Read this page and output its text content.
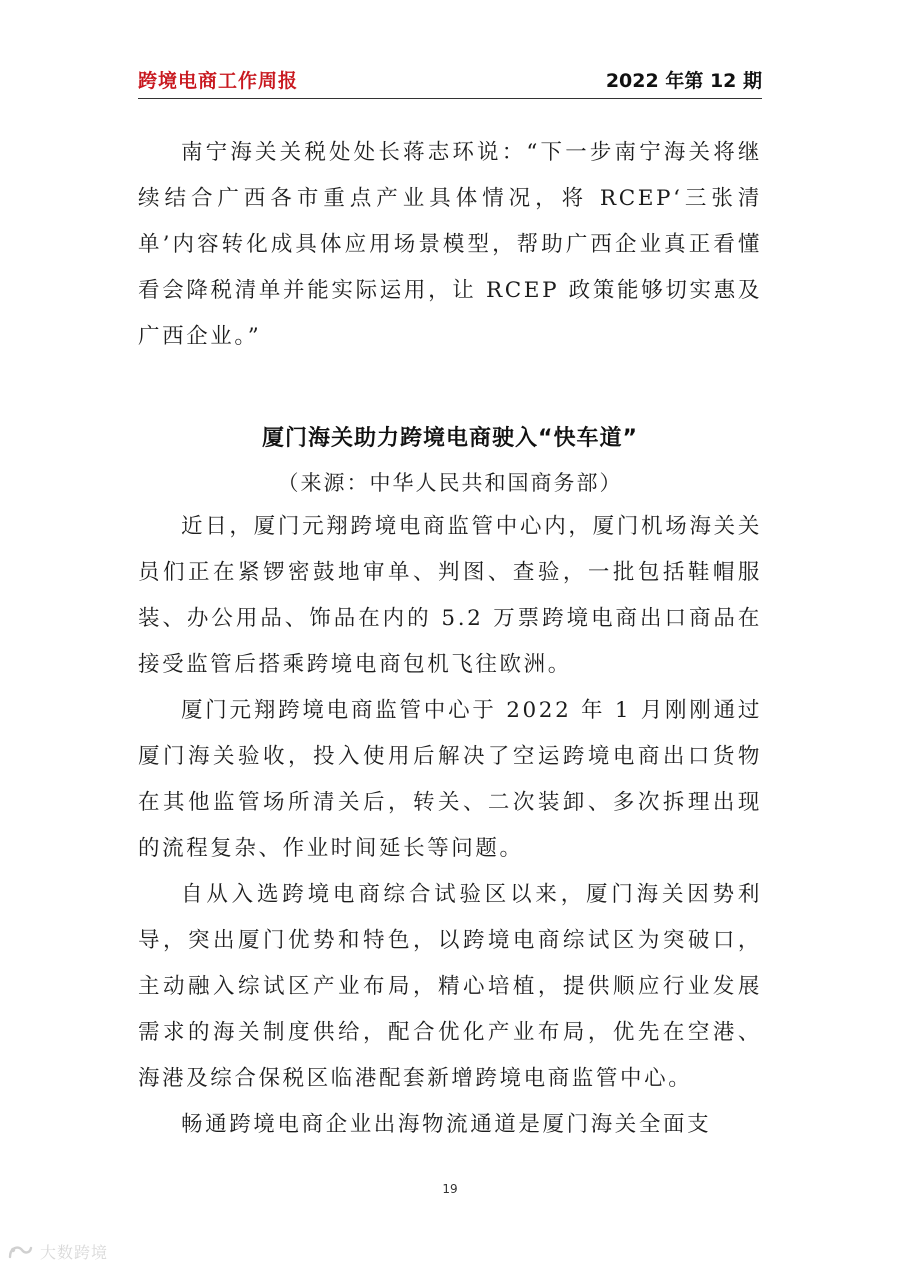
跨境电商工作周报	2022 年第 12 期

南宁海关关税处处长蒋志环说：“下一步南宁海关将继续结合广西各市重点产业具体情况，将 RCEP‘三张清单’内容转化成具体应用场景模型，帮助广西企业真正看懂看会降税清单并能实际运用，让 RCEP 政策能够切实惠及广西企业。”

厦门海关助力跨境电商驶入“快车道”
（来源：中华人民共和国商务部）

近日，厦门元翔跨境电商监管中心内，厦门机场海关关员们正在紧锣密鼓地审单、判图、查验，一批包括鞋帽服装、办公用品、饰品在内的 5.2 万票跨境电商出口商品在接受监管后搭乘跨境电商包机飞往欧洲。

厦门元翔跨境电商监管中心于 2022 年 1 月刚刚通过厦门海关验收，投入使用后解决了空运跨境电商出口货物在其他监管场所清关后，转关、二次装卸、多次拆理出现的流程复杂、作业时间延长等问题。

自从入选跨境电商综合试验区以来，厦门海关因势利导，突出厦门优势和特色，以跨境电商综试区为突破口，主动融入综试区产业布局，精心培植，提供顺应行业发展需求的海关制度供给，配合优化产业布局，优先在空港、海港及综合保税区临港配套新增跨境电商监管中心。

畅通跨境电商企业出海物流通道是厦门海关全面支

19
大数跨境
